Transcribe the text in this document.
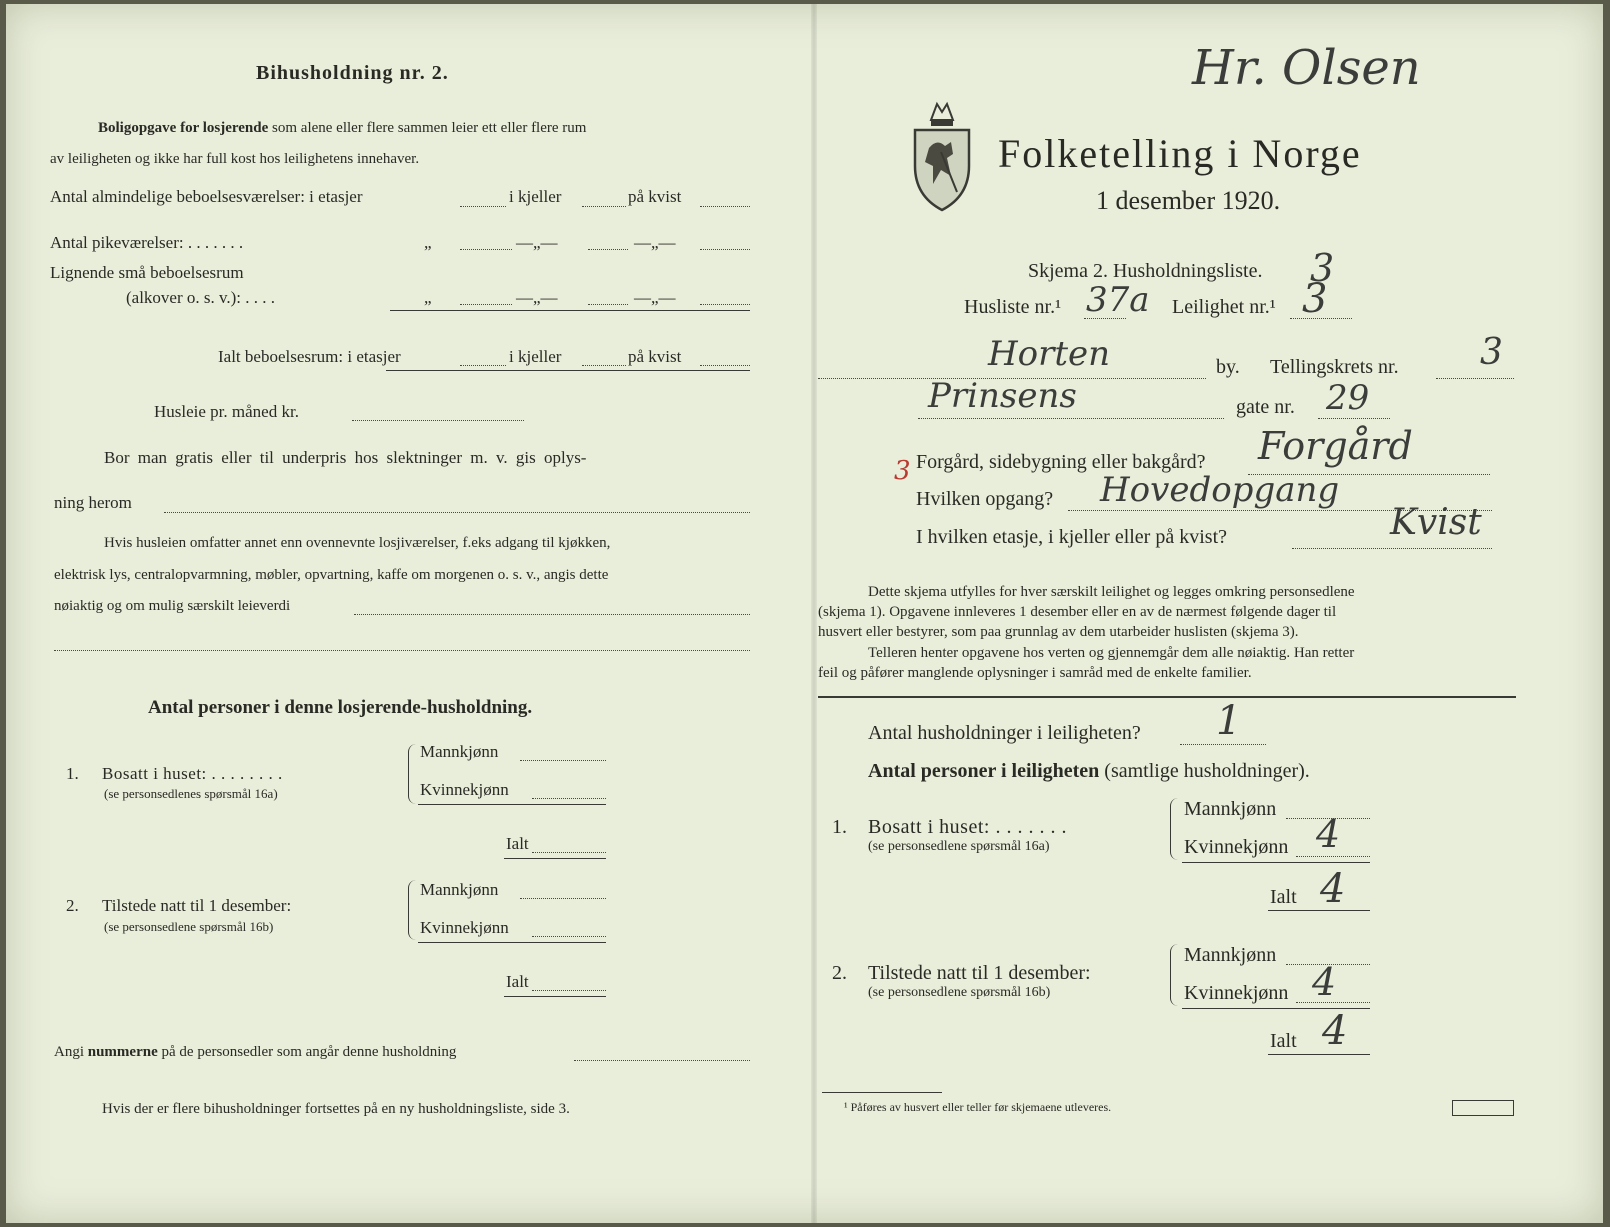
Bihusholdning nr. 2.
Boligopgave for losjerende som alene eller flere sammen leier ett eller flere rum
av leiligheten og ikke har full kost hos leilighetens innehaver.
Antal almindelige beboelsesværelser: i etasjer	i kjeller	på kvist
Antal pikeværelser: . . . . . . .	„	—„—	—„—
Lignende små beboelsesrum
(alkover o. s. v.): . . . .	„	—„—	—„—
Ialt beboelsesrum: i etasjer	i kjeller	på kvist
Husleie pr. måned kr.
Bor man gratis eller til underpris hos slektninger m. v. gis oplys-
ning herom
Hvis husleien omfatter annet enn ovennevnte losjiværelser, f.eks adgang til kjøkken,
elektrisk lys, centralopvarmning, møbler, opvartning, kaffe om morgenen o. s. v., angis dette
nøiaktig og om mulig særskilt leieverdi
Antal personer i denne losjerende-husholdning.
1. Bosatt i huset: . . . . . . . .
(se personsedlenes spørsmål 16a)
Mannkjønn
Kvinnekjønn
Ialt
2. Tilstede natt til 1 desember:
(se personsedlene spørsmål 16b)
Mannkjønn
Kvinnekjønn
Ialt
Angi nummerne på de personsedler som angår denne husholdning
Hvis der er flere bihusholdninger fortsettes på en ny husholdningsliste, side 3.
Hr. Olsen
Folketelling i Norge
1 desember 1920.
Skjema 2. Husholdningsliste. 3
Husliste nr.¹ 37a Leilighet nr.¹ 3
Horten	by. Tellingskrets nr. 3
Prinsens	gate nr. 29
3 Forgård, sidebygning eller bakgård? Forgård
Hvilken opgang? Hovedopgang
I hvilken etasje, i kjeller eller på kvist?	Kvist
Dette skjema utfylles for hver særskilt leilighet og legges omkring personsedlene
(skjema 1). Opgavene innleveres 1 desember eller en av de nærmest følgende dager til
husvert eller bestyrer, som paa grunnlag av dem utarbeider huslisten (skjema 3).
Telleren henter opgavene hos verten og gjennemgår dem alle nøiaktig. Han retter
feil og påfører manglende oplysninger i samråd med de enkelte familier.
Antal husholdninger i leiligheten? 1
Antal personer i leiligheten (samtlige husholdninger).
1. Bosatt i huset: . . . . . . .
(se personsedlene spørsmål 16a)
Mannkjønn
Kvinnekjønn 4
Ialt 4
2. Tilstede natt til 1 desember:
(se personsedlene spørsmål 16b)
Mannkjønn
Kvinnekjønn 4
Ialt 4
¹ Påføres av husvert eller teller før skjemaene utleveres.
